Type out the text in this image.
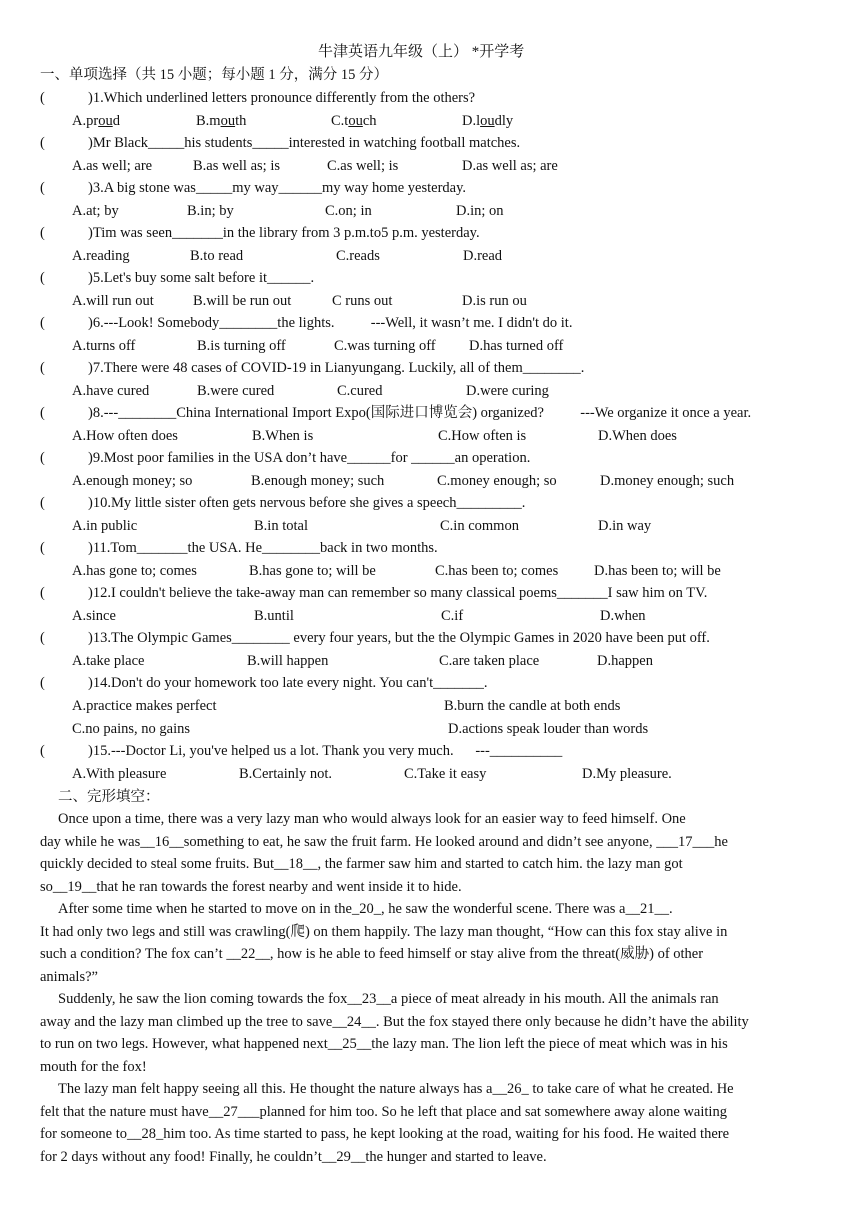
牛津英语九年级（上） *开学考
一、单项选择（共 15 小题；每小题 1 分，满分 15 分）
(	)1.Which underlined letters pronounce differently from the others?
A.proud	B.mouth	C.touch	D.loudly
(	)Mr Black_____his students_____interested in watching football matches.
A.as well; are	B.as well as; is	C.as well; is	D.as well as; are
(	)3.A big stone was_____my way______my way home yesterday.
A.at; by	B.in; by	C.on; in	D.in; on
(	)Tim was seen_______in the library from 3 p.m.to5 p.m. yesterday.
A.reading	B.to read	C.reads	D.read
(	)5.Let's buy some salt before it______.
A.will run out	B.will be run out	C runs out	D.is run ou
(	)6.---Look! Somebody________the lights.          ---Well, it wasn’t me. I didn't do it.
A.turns off	B.is turning off	C.was turning off D.has turned off
(	)7.There were 48 cases of COVID-19 in Lianyungang. Luckily, all of them________.
A.have cured	B.were cured	C.cured	D.were curing
(	)8.---________China International Import Expo(国际进口博览会) organized?          ---We organize it once a year.
A.How often does	B.When is	C.How often is	D.When does
(	)9.Most poor families in the USA don’t have______for ______an operation.
A.enough money; so	B.enough money; such	C.money enough; so	D.money enough; such
(	)10.My little sister often gets nervous before she gives a speech_________.
A.in public	B.in total	C.in common	D.in way
(	)11.Tom_______the USA. He________back in two months.
A.has gone to; comes	B.has gone to; will be	C.has been to; comes D.has been to; will be
(	)12.I couldn't believe the take-away man can remember so many classical poems_______I saw him on TV.
A.since	B.until	C.if	D.when
(	)13.The Olympic Games________ every four years, but the the Olympic Games in 2020 have been put off.
A.take place	B.will happen	C.are taken place	D.happen
(	)14.Don't do your homework too late every night. You can't_______.
A.practice makes perfect	B.burn the candle at both ends
C.no pains, no gains	D.actions speak louder than words
(	)15.---Doctor Li, you've helped us a lot. Thank you very much.      ---__________
A.With pleasure	B.Certainly not.	C.Take it easy	D.My pleasure.
二、完形填空：
Once upon a time, there was a very lazy man who would always look for an easier way to feed himself. One
day while he was__16__something to eat, he saw the fruit farm. He looked around and didn’t see anyone, ___17___he
quickly decided to steal some fruits. But__18__, the farmer saw him and started to catch him. the lazy man got
so__19__that he ran towards the forest nearby and went inside it to hide.
After some time when he started to move on in the_20_, he saw the wonderful scene. There was a__21__.
It had only two legs and still was crawling(爬) on them happily. The lazy man thought, “How can this fox stay alive in
such a condition? The fox can’t __22__, how is he able to feed himself or stay alive from the threat(威胁) of other
animals?”
Suddenly, he saw the lion coming towards the fox__23__a piece of meat already in his mouth. All the animals ran
away and the lazy man climbed up the tree to save__24__. But the fox stayed there only because he didn’t have the ability
to run on two legs. However, what happened next__25__the lazy man. The lion left the piece of meat which was in his
mouth for the fox!
The lazy man felt happy seeing all this. He thought the nature always has a__26_ to take care of what he created. He
felt that the nature must have__27___planned for him too. So he left that place and sat somewhere away alone waiting
for someone to__28_him too. As time started to pass, he kept looking at the road, waiting for his food. He waited there
for 2 days without any food! Finally, he couldn’t__29__the hunger and started to leave.
